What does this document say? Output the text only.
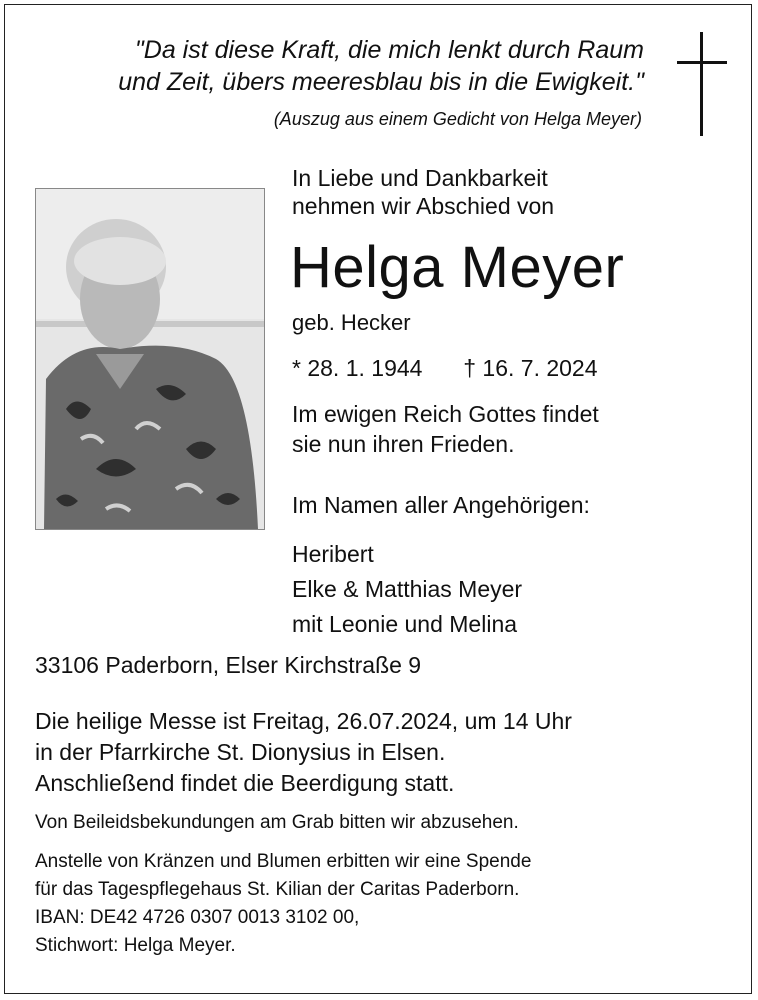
"Da ist diese Kraft, die mich lenkt durch Raum
und Zeit, übers meeresblau bis in die Ewigkeit."
(Auszug aus einem Gedicht von Helga Meyer)
In Liebe und Dankbarkeit
nehmen wir Abschied von
Helga Meyer
geb. Hecker
* 28. 1. 1944 † 16. 7. 2024
Im ewigen Reich Gottes findet
sie nun ihren Frieden.
Im Namen aller Angehörigen:
Heribert
Elke & Matthias Meyer
mit Leonie und Melina
33106 Paderborn, Elser Kirchstraße 9
Die heilige Messe ist Freitag, 26.07.2024, um 14 Uhr
in der Pfarrkirche St. Dionysius in Elsen.
Anschließend findet die Beerdigung statt.
Von Beileidsbekundungen am Grab bitten wir abzusehen.
Anstelle von Kränzen und Blumen erbitten wir eine Spende
für das Tagespflegehaus St. Kilian der Caritas Paderborn.
IBAN: DE42 4726 0307 0013 3102 00,
Stichwort: Helga Meyer.
